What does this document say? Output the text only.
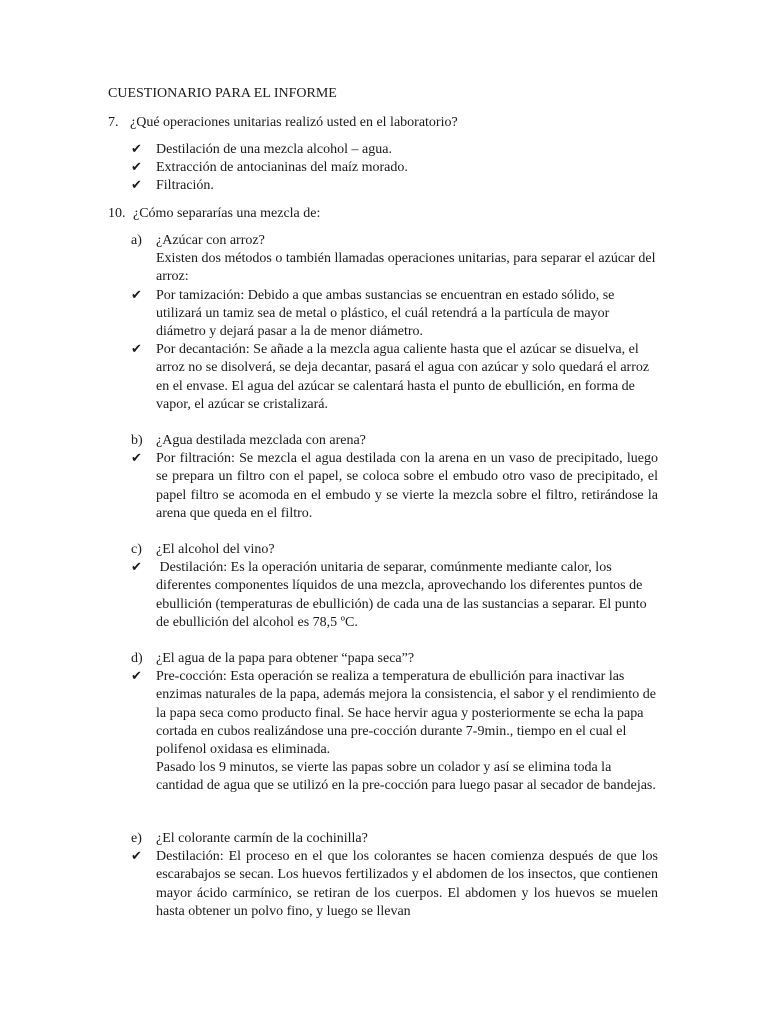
CUESTIONARIO PARA EL INFORME

7. ¿Qué operaciones unitarias realizó usted en el laboratorio?

✔ Destilación de una mezcla alcohol – agua.
✔ Extracción de antocianinas del maíz morado.
✔ Filtración.

10. ¿Cómo separarías una mezcla de:

a) ¿Azúcar con arroz?
Existen dos métodos o también llamadas operaciones unitarias, para separar el azúcar del arroz:
✔	Por tamización: Debido a que ambas sustancias se encuentran en estado sólido, se utilizará un tamiz sea de metal o plástico, el cuál retendrá a la partícula de mayor diámetro y dejará pasar a la de menor diámetro.
✔	Por decantación: Se añade a la mezcla agua caliente hasta que el azúcar se disuelva, el arroz no se disolverá, se deja decantar, pasará el agua con azúcar y solo quedará el arroz en el envase. El agua del azúcar se calentará hasta el punto de ebullición, en forma de vapor, el azúcar se cristalizará.
b) ¿Agua destilada mezclada con arena?
✔	Por filtración: Se mezcla el agua destilada con la arena en un vaso de precipitado, luego se prepara un filtro con el papel, se coloca sobre el embudo otro vaso de precipitado, el papel filtro se acomoda en el embudo y se vierte la mezcla sobre el filtro, retirándose la arena que queda en el filtro.
c) ¿El alcohol del vino?
✔	Destilación: Es la operación unitaria de separar, comúnmente mediante calor, los diferentes componentes líquidos de una mezcla, aprovechando los diferentes puntos de ebullición (temperaturas de ebullición) de cada una de las sustancias a separar. El punto de ebullición del alcohol es 78,5 ºC.
d) ¿El agua de la papa para obtener “papa seca”?
✔	Pre-cocción: Esta operación se realiza a temperatura de ebullición para inactivar las enzimas naturales de la papa, además mejora la consistencia, el sabor y el rendimiento de la papa seca como producto final. Se hace hervir agua y posteriormente se echa la papa cortada en cubos realizándose una pre-cocción durante 7-9min., tiempo en el cual el polifenol oxidasa es eliminada.
Pasado los 9 minutos, se vierte las papas sobre un colador y así se elimina toda la cantidad de agua que se utilizó en la pre-cocción para luego pasar al secador de bandejas.
e) ¿El colorante carmín de la cochinilla?
✔	Destilación: El proceso en el que los colorantes se hacen comienza después de que los escarabajos se secan. Los huevos fertilizados y el abdomen de los insectos, que contienen mayor ácido carmínico, se retiran de los cuerpos. El abdomen y los huevos se muelen hasta obtener un polvo fino, y luego se llevan
